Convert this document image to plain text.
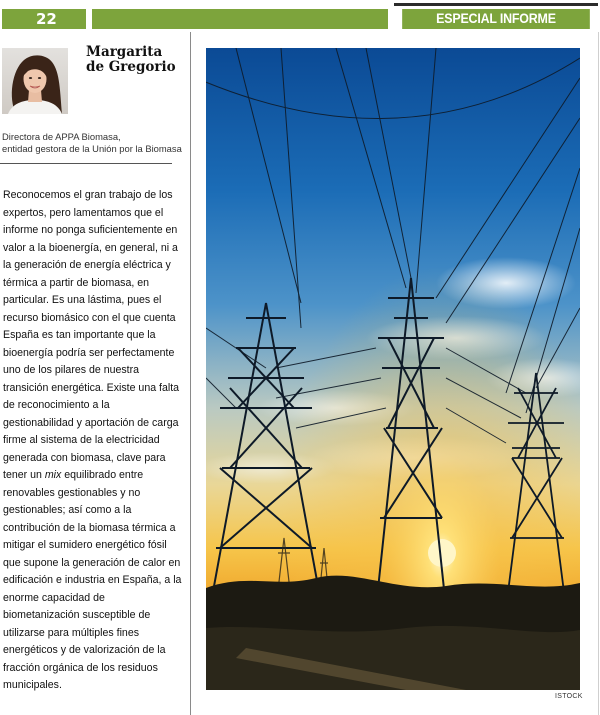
22	ESPECIAL INFORME TRANSICIÓN
Margarita
de Gregorio
Directora de APPA Biomasa,
entidad gestora de la Unión por la Biomasa

Reconocemos el gran trabajo de los expertos, pero lamentamos que el informe no ponga suficientemente en valor a la bioenergía, en general, ni a la generación de energía eléctrica y térmica a partir de biomasa, en particular. Es una lástima, pues el recurso biomásico con el que cuenta España es tan importante que la bioenergía podría ser perfectamente uno de los pilares de nuestra transición energética. Existe una falta de reconocimiento a la gestionabilidad y aportación de carga firme al sistema de la electricidad generada con biomasa, clave para tener un mix equilibrado entre renovables gestionables y no gestionables; así como a la contribución de la biomasa térmica a mitigar el sumidero energético fósil que supone la generación de calor en edificación e industria en España, a la enorme capacidad de biometanización susceptible de utilizarse para múltiples fines energéticos y de valorización de la fracción orgánica de los residuos municipales.

ISTOCK
